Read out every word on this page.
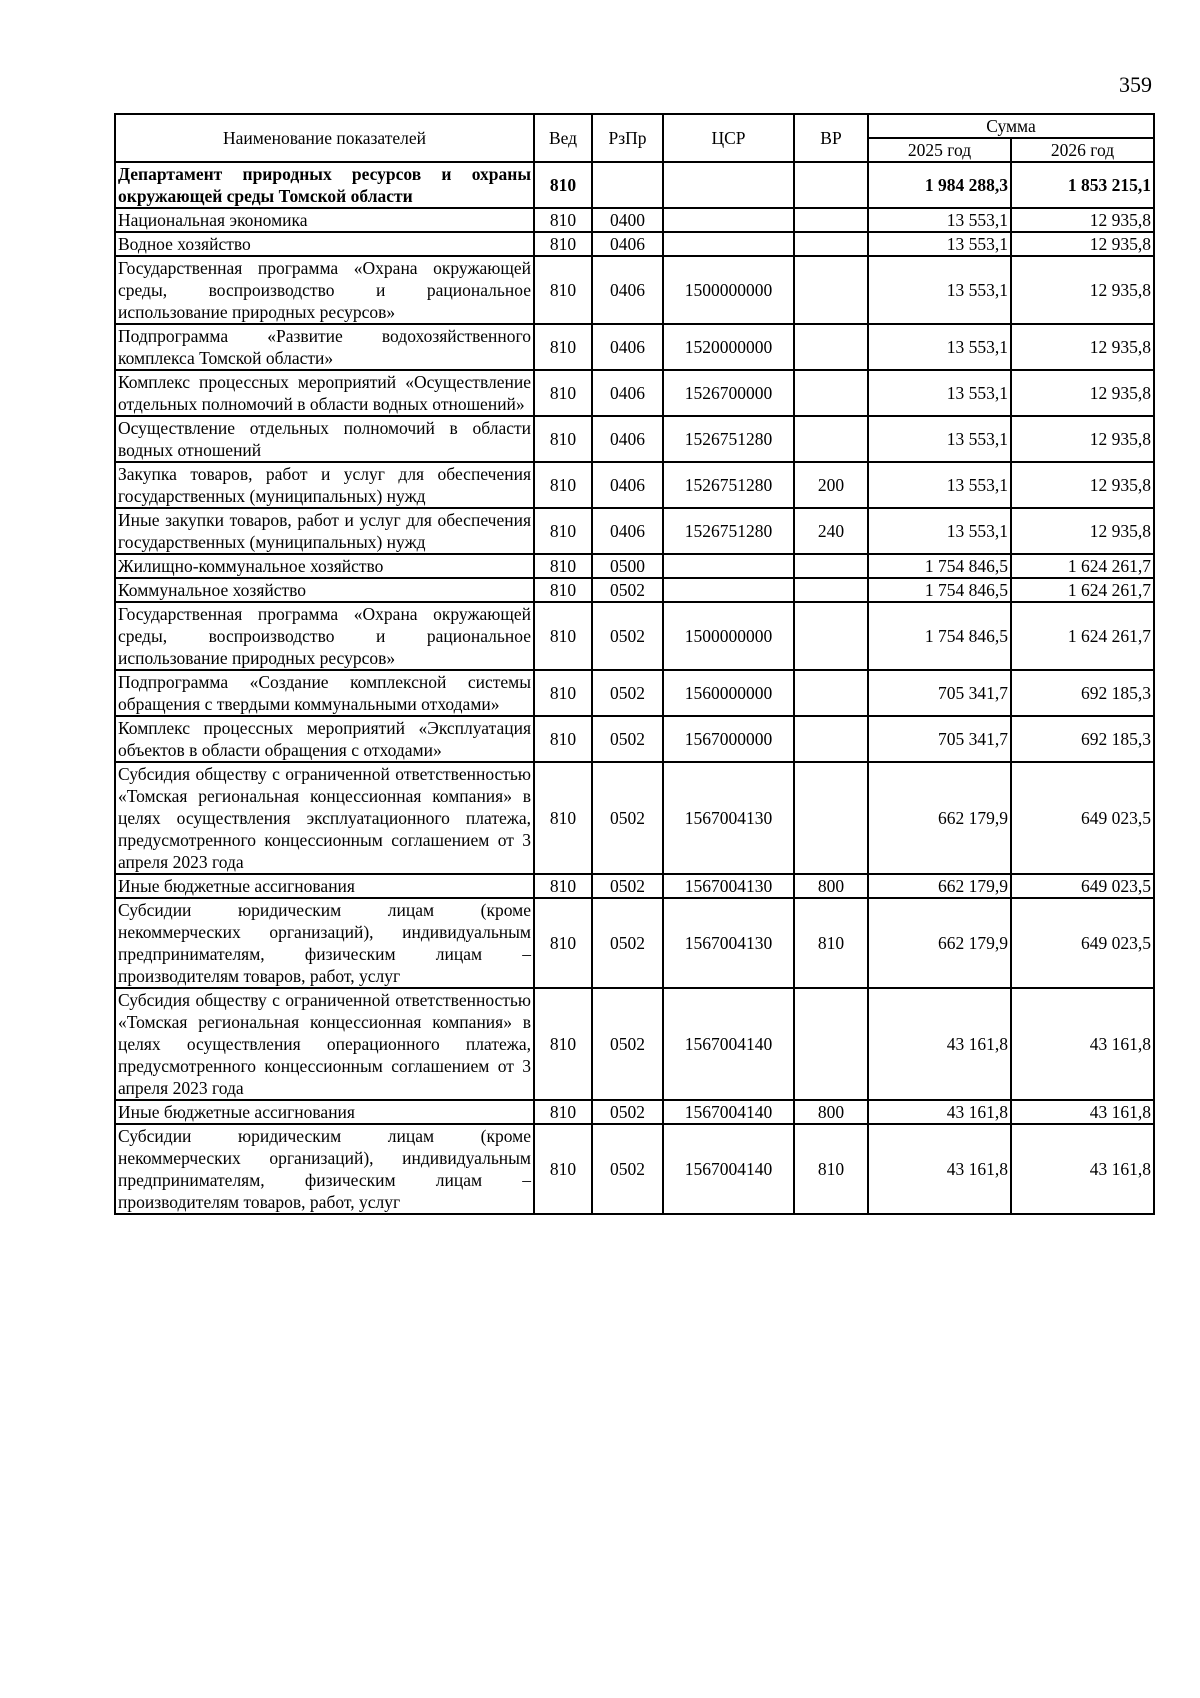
359
Наименование показателей	Вед	РзПр	ЦСР	ВР	Сумма	
					2025 год	2026 год
Департамент природных ресурсов и охраны окружающей среды Томской области	810				1 984 288,3	1 853 215,1
Национальная экономика	810	0400			13 553,1	12 935,8
Водное хозяйство	810	0406			13 553,1	12 935,8
Государственная программа «Охрана окружающей среды, воспроизводство и рациональное использование природных ресурсов»	810	0406	1500000000		13 553,1	12 935,8
Подпрограмма «Развитие водохозяйственного комплекса Томской области»	810	0406	1520000000		13 553,1	12 935,8
Комплекс процессных мероприятий «Осуществление отдельных полномочий в области водных отношений»	810	0406	1526700000		13 553,1	12 935,8
Осуществление отдельных полномочий в области водных отношений	810	0406	1526751280		13 553,1	12 935,8
Закупка товаров, работ и услуг для обеспечения государственных (муниципальных) нужд	810	0406	1526751280	200	13 553,1	12 935,8
Иные закупки товаров, работ и услуг для обеспечения государственных (муниципальных) нужд	810	0406	1526751280	240	13 553,1	12 935,8
Жилищно-коммунальное хозяйство	810	0500			1 754 846,5	1 624 261,7
Коммунальное хозяйство	810	0502			1 754 846,5	1 624 261,7
Государственная программа «Охрана окружающей среды, воспроизводство и рациональное использование природных ресурсов»	810	0502	1500000000		1 754 846,5	1 624 261,7
Подпрограмма «Создание комплексной системы обращения с твердыми коммунальными отходами»	810	0502	1560000000		705 341,7	692 185,3
Комплекс процессных мероприятий «Эксплуатация объектов в области обращения с отходами»	810	0502	1567000000		705 341,7	692 185,3
Субсидия обществу с ограниченной ответственностью «Томская региональная концессионная компания» в целях осуществления эксплуатационного платежа, предусмотренного концессионным соглашением от 3 апреля 2023 года	810	0502	1567004130		662 179,9	649 023,5
Иные бюджетные ассигнования	810	0502	1567004130	800	662 179,9	649 023,5
Субсидии юридическим лицам (кроме некоммерческих организаций), индивидуальным предпринимателям, физическим лицам – производителям товаров, работ, услуг	810	0502	1567004130	810	662 179,9	649 023,5
Субсидия обществу с ограниченной ответственностью «Томская региональная концессионная компания» в целях осуществления операционного платежа, предусмотренного концессионным соглашением от 3 апреля 2023 года	810	0502	1567004140		43 161,8	43 161,8
Иные бюджетные ассигнования	810	0502	1567004140	800	43 161,8	43 161,8
Субсидии юридическим лицам (кроме некоммерческих организаций), индивидуальным предпринимателям, физическим лицам – производителям товаров, работ, услуг	810	0502	1567004140	810	43 161,8	43 161,8
